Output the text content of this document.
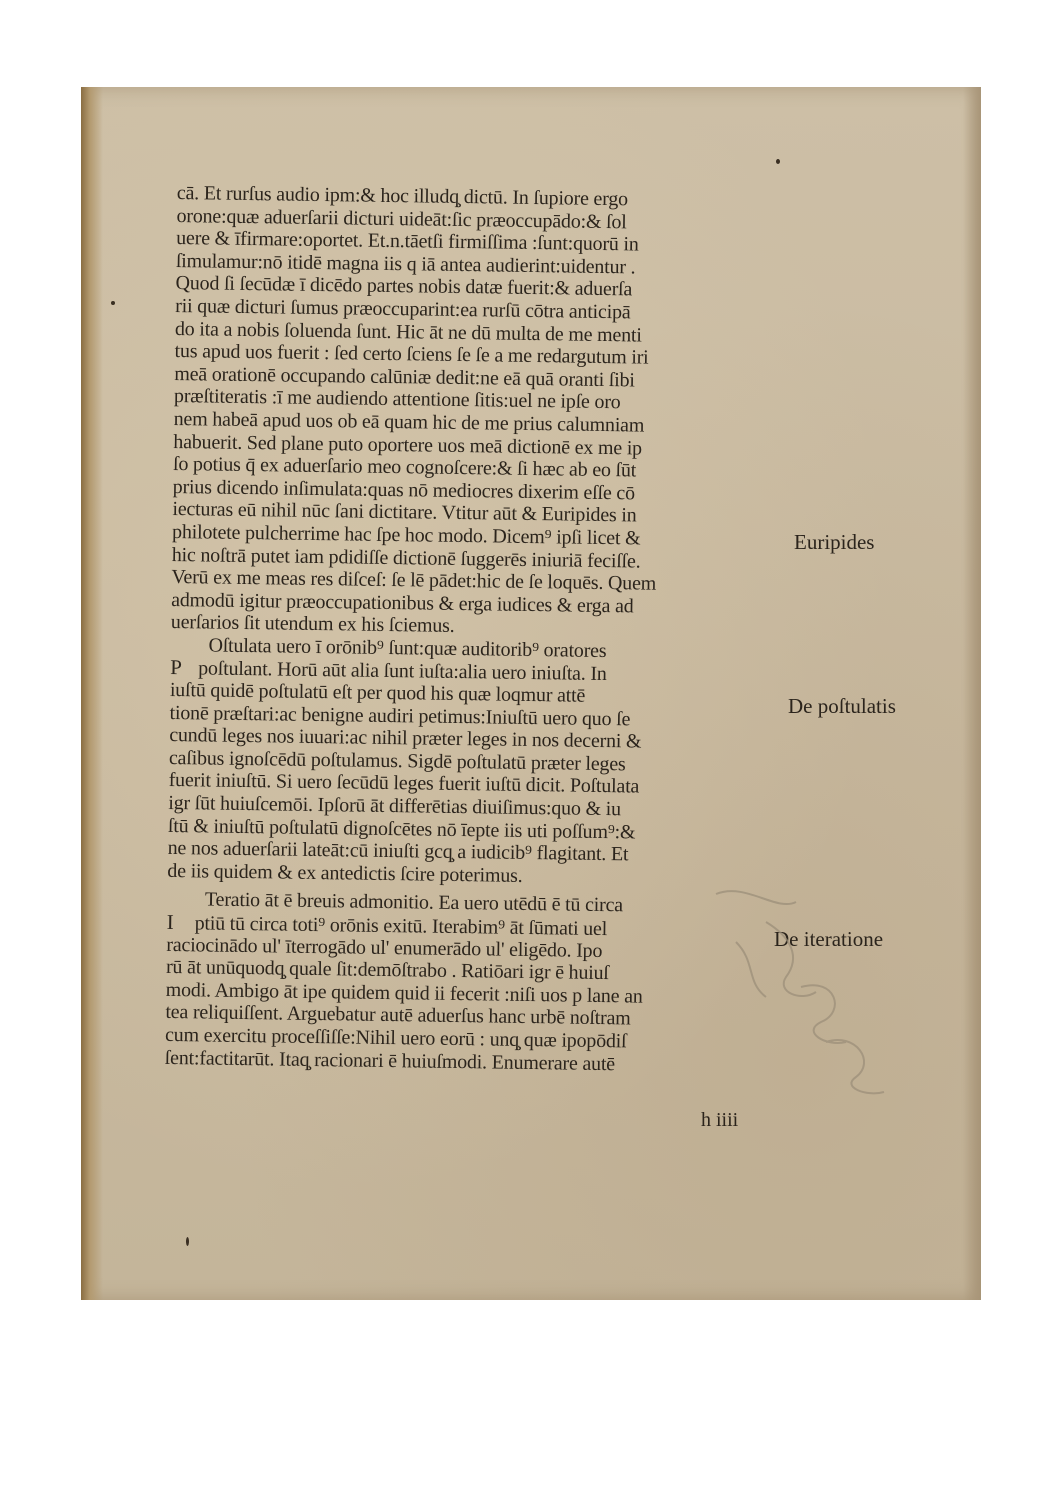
cā. Et rurſus audio ipm:& hoc illudq̧ dictū. In ſupiore ergo
orone:quæ aduerſarii dicturi uideāt:ſic præoccupādo:& ſol
uere & īfirmare:oportet. Et.n.tāetſi firmiſſima :ſunt:quorū in
ſimulamur:nō itidē magna iis q iā antea audierint:uidentur .
Quod ſi ſecūdæ ī dicēdo partes nobis datæ fuerit:& aduerſa
rii quæ dicturi ſumus præoccuparint:ea rurſū cōtra anticipā
do ita a nobis ſoluenda ſunt. Hic āt ne dū multa de me menti
tus apud uos fuerit : ſed certo ſciens ſe ſe a me redargutum iri
meā orationē occupando calūniæ dedit:ne eā quā oranti ſibi
præſtiteratis :ī me audiendo attentione ſitis:uel ne ipſe oro
nem habeā apud uos ob eā quam hic de me prius calumniam
habuerit. Sed plane puto oportere uos meā dictionē ex me ip
ſo potius q̄ ex aduerſario meo cognoſcere:& ſi hæc ab eo ſūt
prius dicendo inſimulata:quas nō mediocres dixerim eſſe cō
iecturas eū nihil nūc ſani dictitare. Vtitur aūt & Euripides in
philotete pulcherrime hac ſpe hoc modo. Dicem⁹ ipſi licet &
hic noſtrā putet iam pdidiſſe dictionē ſuggerēs iniuriā feciſſe.
Verū ex me meas res diſceſ: ſe lē pādet:hic de ſe loquēs. Quem
admodū igitur præoccupationibus & erga iudices & erga ad
uerſarios ſit utendum ex his ſciemus.
Oſtulata uero ī orōnib⁹ ſunt:quæ auditorib⁹ oratores
P poſtulant. Horū aūt alia ſunt iuſta:alia uero iniuſta. In
iuſtū quidē poſtulatū eſt per quod his quæ loqmur attē
tionē præſtari:ac benigne audiri petimus:Iniuſtū uero quo ſe
cundū leges nos iuuari:ac nihil præter leges in nos decerni &
caſibus ignoſcēdū poſtulamus. Sigdē poſtulatū præter leges
fuerit iniuſtū. Si uero ſecūdū leges fuerit iuſtū dicit. Poſtulata
igr ſūt huiuſcemōi. Ipſorū āt differētias diuiſimus:quo & iu
ſtū & iniuſtū poſtulatū dignoſcētes nō īepte iis uti poſſum⁹:&
ne nos aduerſarii lateāt:cū iniuſti gcq̧ a iudicib⁹ flagitant. Et
de iis quidem & ex antedictis ſcire poterimus.
Teratio āt ē breuis admonitio. Ea uero utēdū ē tū circa
I ptiū tū circa toti⁹ orōnis exitū. Iterabim⁹ āt ſūmati uel
raciocinādo ul' īterrogādo ul' enumerādo ul' eligēdo. Ipo
rū āt unūquodq̧ quale ſit:demōſtrabo . Ratiōari igr ē huiuſ
modi. Ambigo āt ipe quidem quid ii fecerit :niſi uos p lane an
tea reliquiſſent. Arguebatur autē aduerſus hanc urbē noſtram
cum exercitu proceſſiſſe:Nihil uero eorū : unq̧ quæ ipopōdiſ
ſent:factitarūt. Itaq̧ racionari ē huiuſmodi. Enumerare autē
h iiii
Euripides
De poſtulatis
De iteratione
